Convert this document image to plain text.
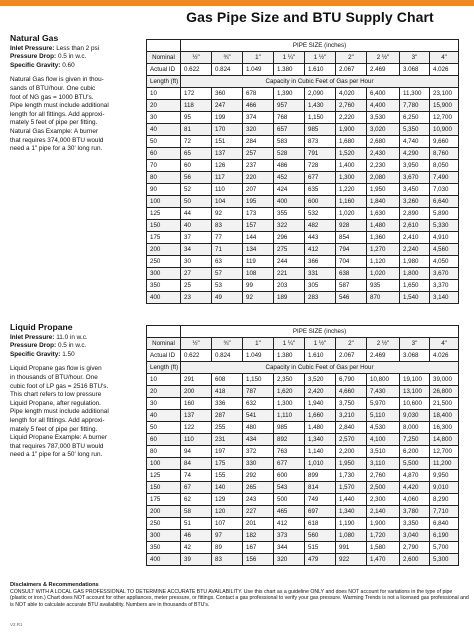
Gas Pipe Size and BTU Supply Chart
Natural Gas
Inlet Pressure: Less than 2 psi
Pressure Drop: 0.5 in w.c.
Specific Gravity: 0.60

Natural Gas flow is given in thou-
sands of BTU/hour. One cubic
foot of NG gas = 1000 BTU's.
Pipe length must include additional
length for all fittings. Add approxi-
mately 5 feet of pipe per fitting.
Natural Gas Example: A burner
that requires 374,000 BTU would
need a 1" pipe for a 30' long run.

	PIPE SIZE (inches)								
Nominal	½"	¾"	1"	1 ¼"	1 ½"	2"	2 ½"	3"	4"
Actual ID	0.622	0.824	1.049	1.380	1.610	2.067	2.469	3.068	4.026
Length (ft)	Capacity in Cubic Feet of Gas per Hour								
10	172	360	678	1,390	2,090	4,020	6,400	11,300	23,100
20	118	247	466	957	1,430	2,760	4,400	7,780	15,900
30	95	199	374	768	1,150	2,220	3,530	6,250	12,700
40	81	170	320	657	985	1,900	3,020	5,350	10,900
50	72	151	284	583	873	1,680	2,680	4,740	9,660
60	65	137	257	528	791	1,520	2,430	4,290	8,760
70	60	126	237	486	728	1,400	2,230	3,950	8,050
80	56	117	220	452	677	1,300	2,080	3,670	7,490
90	52	110	207	424	635	1,220	1,950	3,450	7,030
100	50	104	195	400	600	1,160	1,840	3,260	6,640
125	44	92	173	355	532	1,020	1,630	2,890	5,890
150	40	83	157	322	482	928	1,480	2,610	5,330
175	37	77	144	296	443	854	1,360	2,410	4,910
200	34	71	134	275	412	794	1,270	2,240	4,560
250	30	63	119	244	366	704	1,120	1,980	4,050
300	27	57	108	221	331	638	1,020	1,800	3,670
350	25	53	99	203	305	587	935	1,650	3,370
400	23	49	92	189	283	546	870	1,540	3,140
Liquid Propane
Inlet Pressure: 11.0 in w.c.
Pressure Drop: 0.5 in w.c.
Specific Gravity: 1.50

Liquid Propane gas flow is given
in thousands of BTU/hour. One
cubic foot of LP gas = 2516 BTU's.
This chart refers to low pressure
Liquid Propane, after regulation.
Pipe length must include additional
length for all fittings. Add approxi-
mately 5 feet of pipe per fitting.
Liquid Propane Example: A burner
that requires 787,000 BTU would
need a 1" pipe for a 50' long run.

	PIPE SIZE (inches)								
Nominal	½"	¾"	1"	1 ¼"	1 ½"	2"	2 ½"	3"	4"
Actual ID	0.622	0.824	1.049	1.380	1.610	2.067	2.469	3.068	4.026
Length (ft)	Capacity in Cubic Feet of Gas per Hour								
10	291	608	1,150	2,350	3,520	6,790	10,800	19,100	39,000
20	200	418	787	1,620	2,420	4,660	7,430	13,100	26,800
30	160	336	632	1,300	1,940	3,750	5,970	10,600	21,500
40	137	287	541	1,110	1,660	3,210	5,110	9,030	18,400
50	122	255	480	985	1,480	2,840	4,530	8,000	16,300
60	110	231	434	892	1,340	2,570	4,100	7,250	14,800
80	94	197	372	763	1,140	2,200	3,510	6,200	12,700
100	84	175	330	677	1,010	1,950	3,110	5,500	11,200
125	74	155	292	600	899	1,730	2,760	4,870	9,950
150	67	140	265	543	814	1,570	2,500	4,420	9,010
175	62	129	243	500	749	1,440	2,300	4,060	8,290
200	58	120	227	465	697	1,340	2,140	3,780	7,710
250	51	107	201	412	618	1,190	1,900	3,350	6,840
300	46	97	182	373	560	1,080	1,720	3,040	6,190
350	42	89	167	344	515	991	1,580	2,790	5,700
400	39	83	156	320	479	922	1,470	2,600	5,300
Disclaimers & Recommendations
CONSULT WITH A LOCAL GAS PROFESSIONAL TO DETERMINE ACCURATE BTU AVAILABILITY. Use this chart as a guideline ONLY and does NOT account for variations in the type of pipe (plastic or iron.) Chart does NOT account for other appliances, meter pressure, or fittings. Contact a gas professional to verify your gas pressure. Warming Trends is not a licensed gas professional and is NOT able to calculate accurate BTU availability. Numbers are in thousands of BTU's.
V2.R1
